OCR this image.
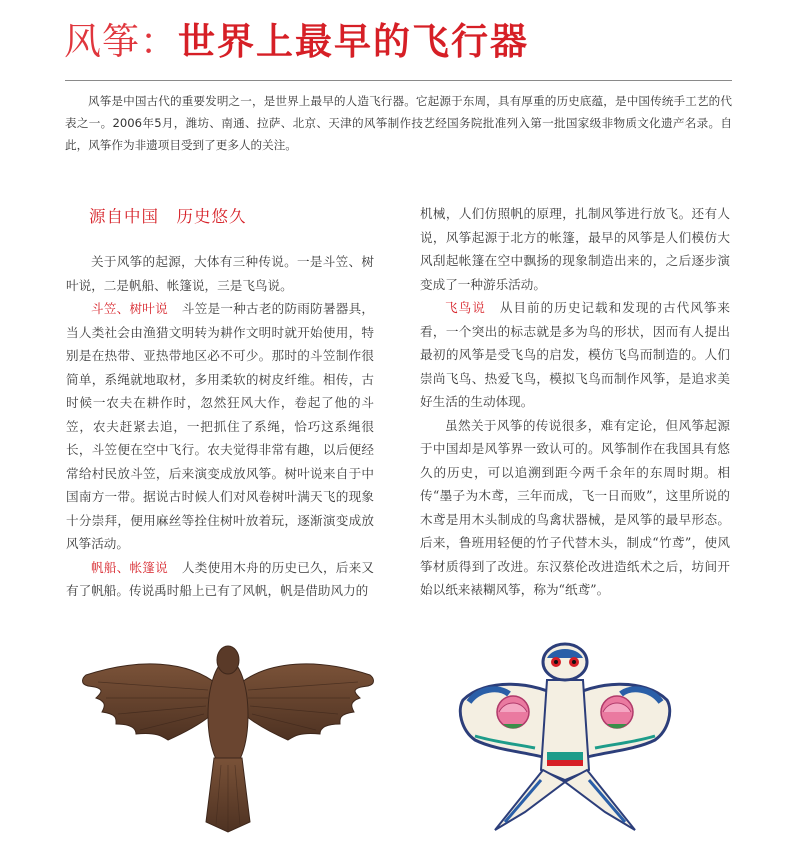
风筝：世界上最早的飞行器

风筝是中国古代的重要发明之一，是世界上最早的人造飞行器。它起源于东周，具有厚重的历史底蕴，是中国传统手工艺的代表之一。2006年5月，潍坊、南通、拉萨、北京、天津的风筝制作技艺经国务院批准列入第一批国家级非物质文化遗产名录。自此，风筝作为非遗项目受到了更多人的关注。

源自中国　历史悠久

关于风筝的起源，大体有三种传说。一是斗笠、树叶说，二是帆船、帐篷说，三是飞鸟说。

斗笠、树叶说 斗笠是一种古老的防雨防暑器具，当人类社会由渔猎文明转为耕作文明时就开始使用，特别是在热带、亚热带地区必不可少。那时的斗笠制作很简单，系绳就地取材，多用柔软的树皮纤维。相传，古时候一农夫在耕作时，忽然狂风大作，卷起了他的斗笠，农夫赶紧去追，一把抓住了系绳，恰巧这系绳很长，斗笠便在空中飞行。农夫觉得非常有趣，以后便经常给村民放斗笠，后来演变成放风筝。树叶说来自于中国南方一带。据说古时候人们对风卷树叶满天飞的现象十分崇拜，便用麻丝等拴住树叶放着玩，逐渐演变成放风筝活动。

帆船、帐篷说 人类使用木舟的历史已久，后来又有了帆船。传说禹时船上已有了风帆，帆是借助风力的

机械，人们仿照帆的原理，扎制风筝进行放飞。还有人说，风筝起源于北方的帐篷，最早的风筝是人们模仿大风刮起帐篷在空中飘扬的现象制造出来的，之后逐步演变成了一种游乐活动。

飞鸟说 从目前的历史记载和发现的古代风筝来看，一个突出的标志就是多为鸟的形状，因而有人提出最初的风筝是受飞鸟的启发，模仿飞鸟而制造的。人们崇尚飞鸟、热爱飞鸟，模拟飞鸟而制作风筝，是追求美好生活的生动体现。

虽然关于风筝的传说很多，难有定论，但风筝起源于中国却是风筝界一致认可的。风筝制作在我国具有悠久的历史，可以追溯到距今两千余年的东周时期。相传“墨子为木鸢，三年而成，飞一日而败”，这里所说的木鸢是用木头制成的鸟禽状器械，是风筝的最早形态。后来，鲁班用轻便的竹子代替木头，制成“竹鸢”，使风筝材质得到了改进。东汉蔡伦改进造纸术之后，坊间开始以纸来裱糊风筝，称为“纸鸢”。
